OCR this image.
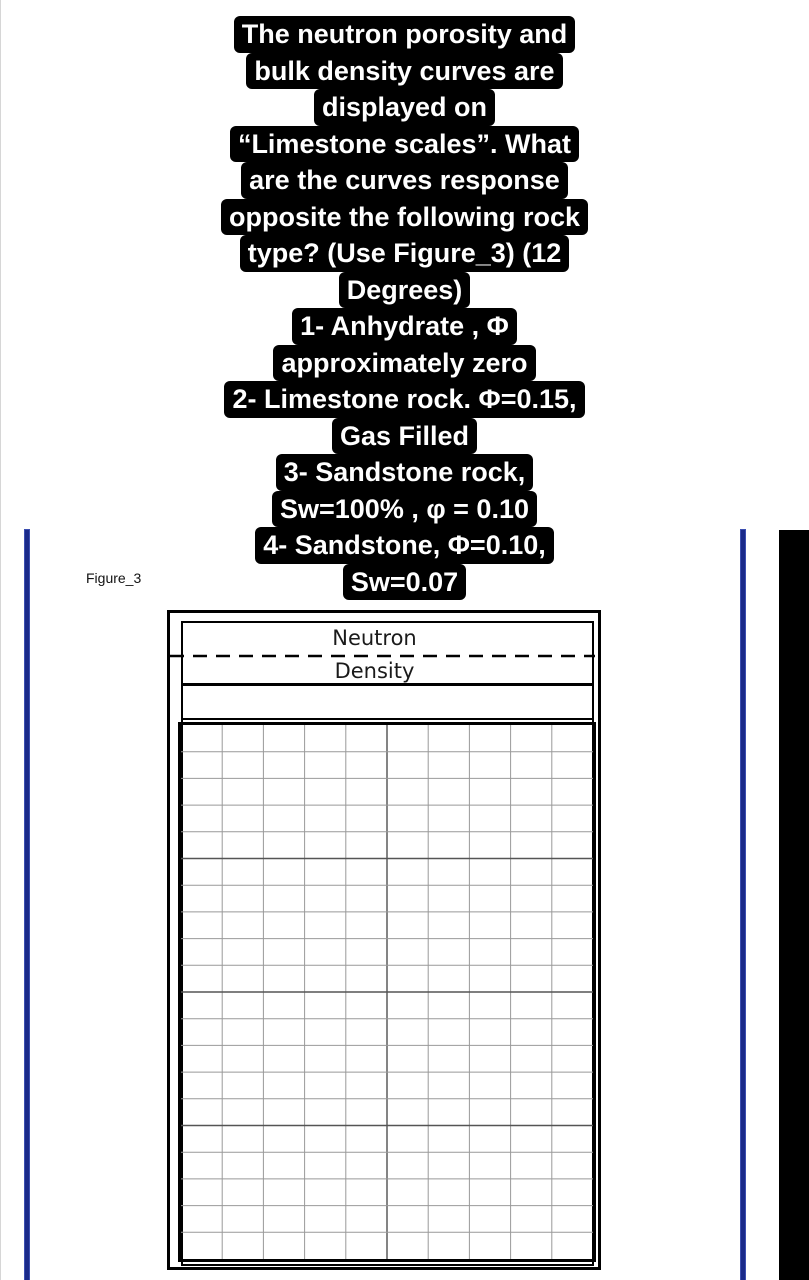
The neutron porosity and
bulk density curves are
displayed on
“Limestone scales”. What
are the curves response
opposite the following rock
type? (Use Figure_3) (12
Degrees)
1- Anhydrate , Φ
approximately zero
2- Limestone rock. Φ=0.15,
Gas Filled
3- Sandstone rock,
Sw=100% , φ = 0.10
4- Sandstone, Φ=0.10,
Sw=0.07
Figure_3
Neutron
Density
